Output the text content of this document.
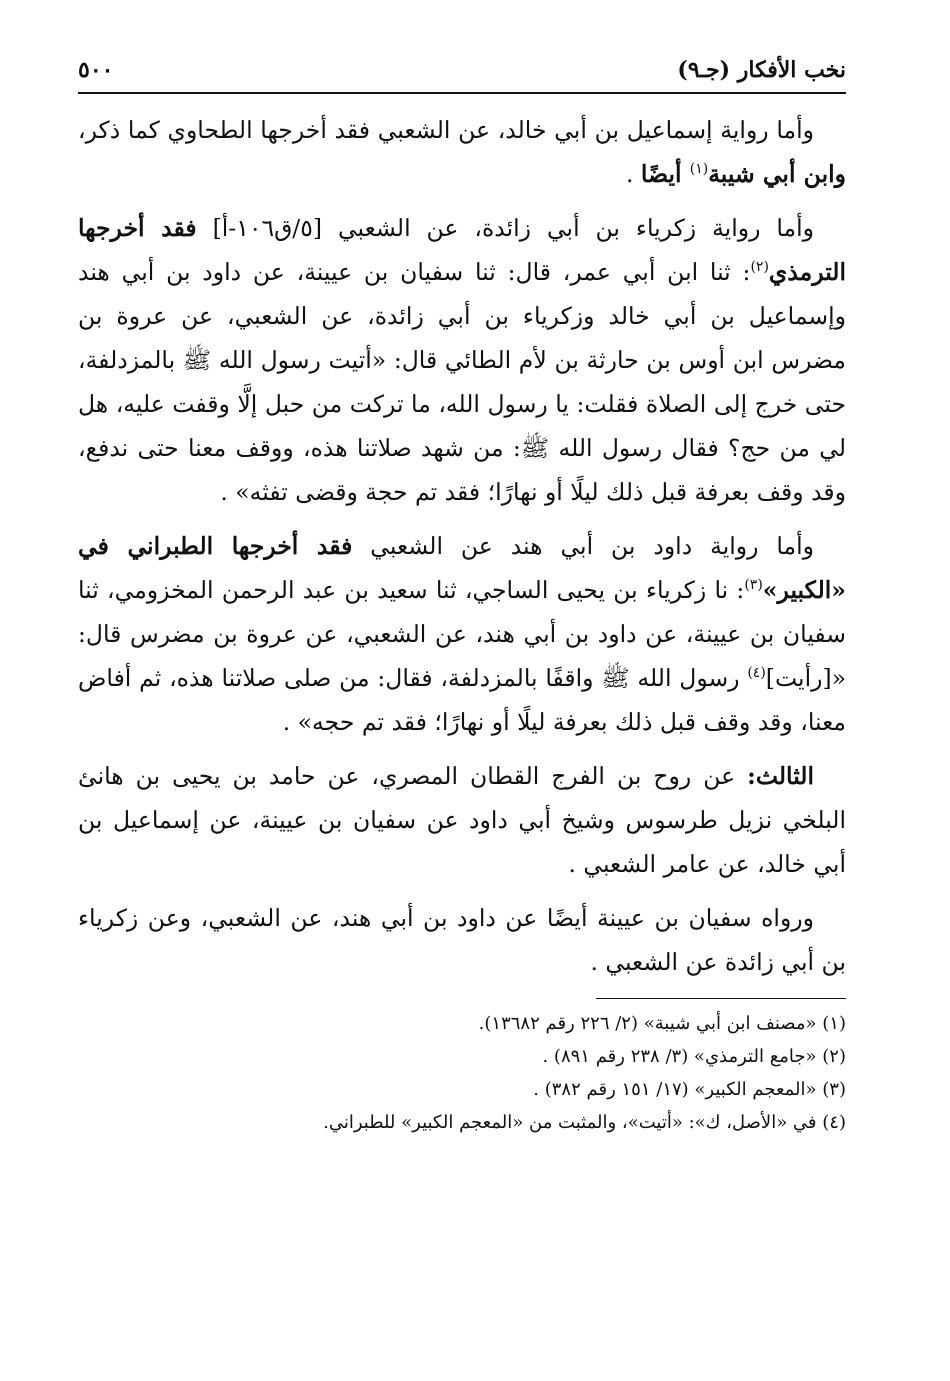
نخب الأفكار (جـ٩)
٥٠٠

وأما رواية إسماعيل بن أبي خالد، عن الشعبي فقد أخرجها الطحاوي كما ذكر، وابن أبي شيبة$^{(١)}$ أيضًا .

وأما رواية زكرياء بن أبي زائدة، عن الشعبي [٥/ق١٠٦-أ] فقد أخرجها الترمذي$^{(٢)}$: ثنا ابن أبي عمر، قال: ثنا سفيان بن عيينة، عن داود بن أبي هند وإسماعيل بن أبي خالد وزكرياء بن أبي زائدة، عن الشعبي، عن عروة بن مضرس ابن أوس بن حارثة بن لأم الطائي قال: «أتيت رسول الله ﷺ بالمزدلفة، حتى خرج إلى الصلاة فقلت: يا رسول الله، ما تركت من حبل إلَّا وقفت عليه، هل لي من حج؟ فقال رسول الله ﷺ: من شهد صلاتنا هذه، ووقف معنا حتى ندفع، وقد وقف بعرفة قبل ذلك ليلًا أو نهارًا؛ فقد تم حجة وقضى تفثه» .

وأما رواية داود بن أبي هند عن الشعبي فقد أخرجها الطبراني في «الكبير»$^{(٣)}$: نا زكرياء بن يحيى الساجي، ثنا سعيد بن عبد الرحمن المخزومي، ثنا سفيان بن عيينة، عن داود بن أبي هند، عن الشعبي، عن عروة بن مضرس قال: «[رأيت]$^{(٤)}$ رسول الله ﷺ واقفًا بالمزدلفة، فقال: من صلى صلاتنا هذه، ثم أفاض معنا، وقد وقف قبل ذلك بعرفة ليلًا أو نهارًا؛ فقد تم حجه» .

الثالث: عن روح بن الفرج القطان المصري، عن حامد بن يحيى بن هانئ البلخي نزيل طرسوس وشيخ أبي داود عن سفيان بن عيينة، عن إسماعيل بن أبي خالد، عن عامر الشعبي .

ورواه سفيان بن عيينة أيضًا عن داود بن أبي هند، عن الشعبي، وعن زكرياء بن أبي زائدة عن الشعبي .

(١) «مصنف ابن أبي شيبة» (٢/ ٢٢٦ رقم ١٣٦٨٢).

(٢) «جامع الترمذي» (٣/ ٢٣٨ رقم ٨٩١) .

(٣) «المعجم الكبير» (١٧/ ١٥١ رقم ٣٨٢) .

(٤) في «الأصل، ك»: «أتيت»، والمثبت من «المعجم الكبير» للطبراني.
